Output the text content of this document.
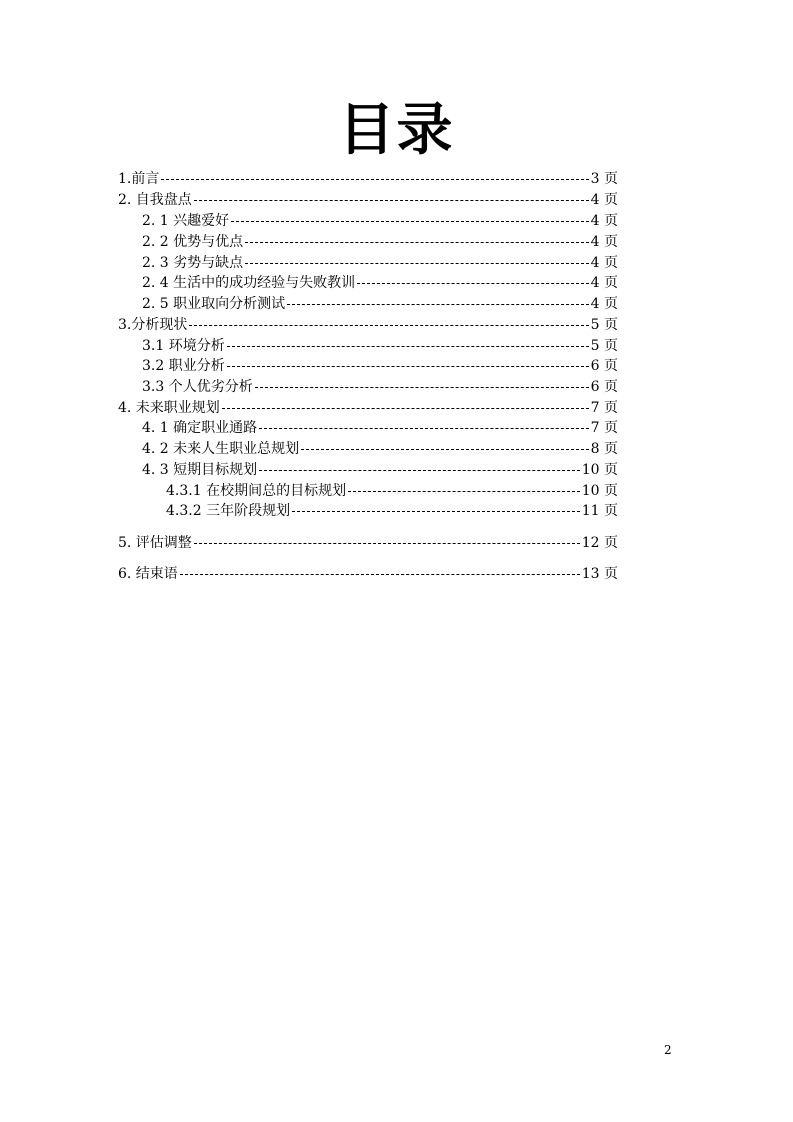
目录
1.前言	3 页
2. 自我盘点	4 页
2. 1 兴趣爱好	4 页
2. 2 优势与优点	4 页
2. 3 劣势与缺点	4 页
2. 4 生活中的成功经验与失败教训	4 页
2. 5 职业取向分析测试	4 页
3.分析现状	5 页
3.1 环境分析	5 页
3.2 职业分析	6 页
3.3 个人优劣分析	6 页
4. 未来职业规划	7 页
4. 1 确定职业通路	7 页
4. 2 未来人生职业总规划	8 页
4. 3 短期目标规划	10 页
4.3.1 在校期间总的目标规划	10 页
4.3.2 三年阶段规划	11 页
5. 评估调整	12 页
6. 结束语	13 页
2
